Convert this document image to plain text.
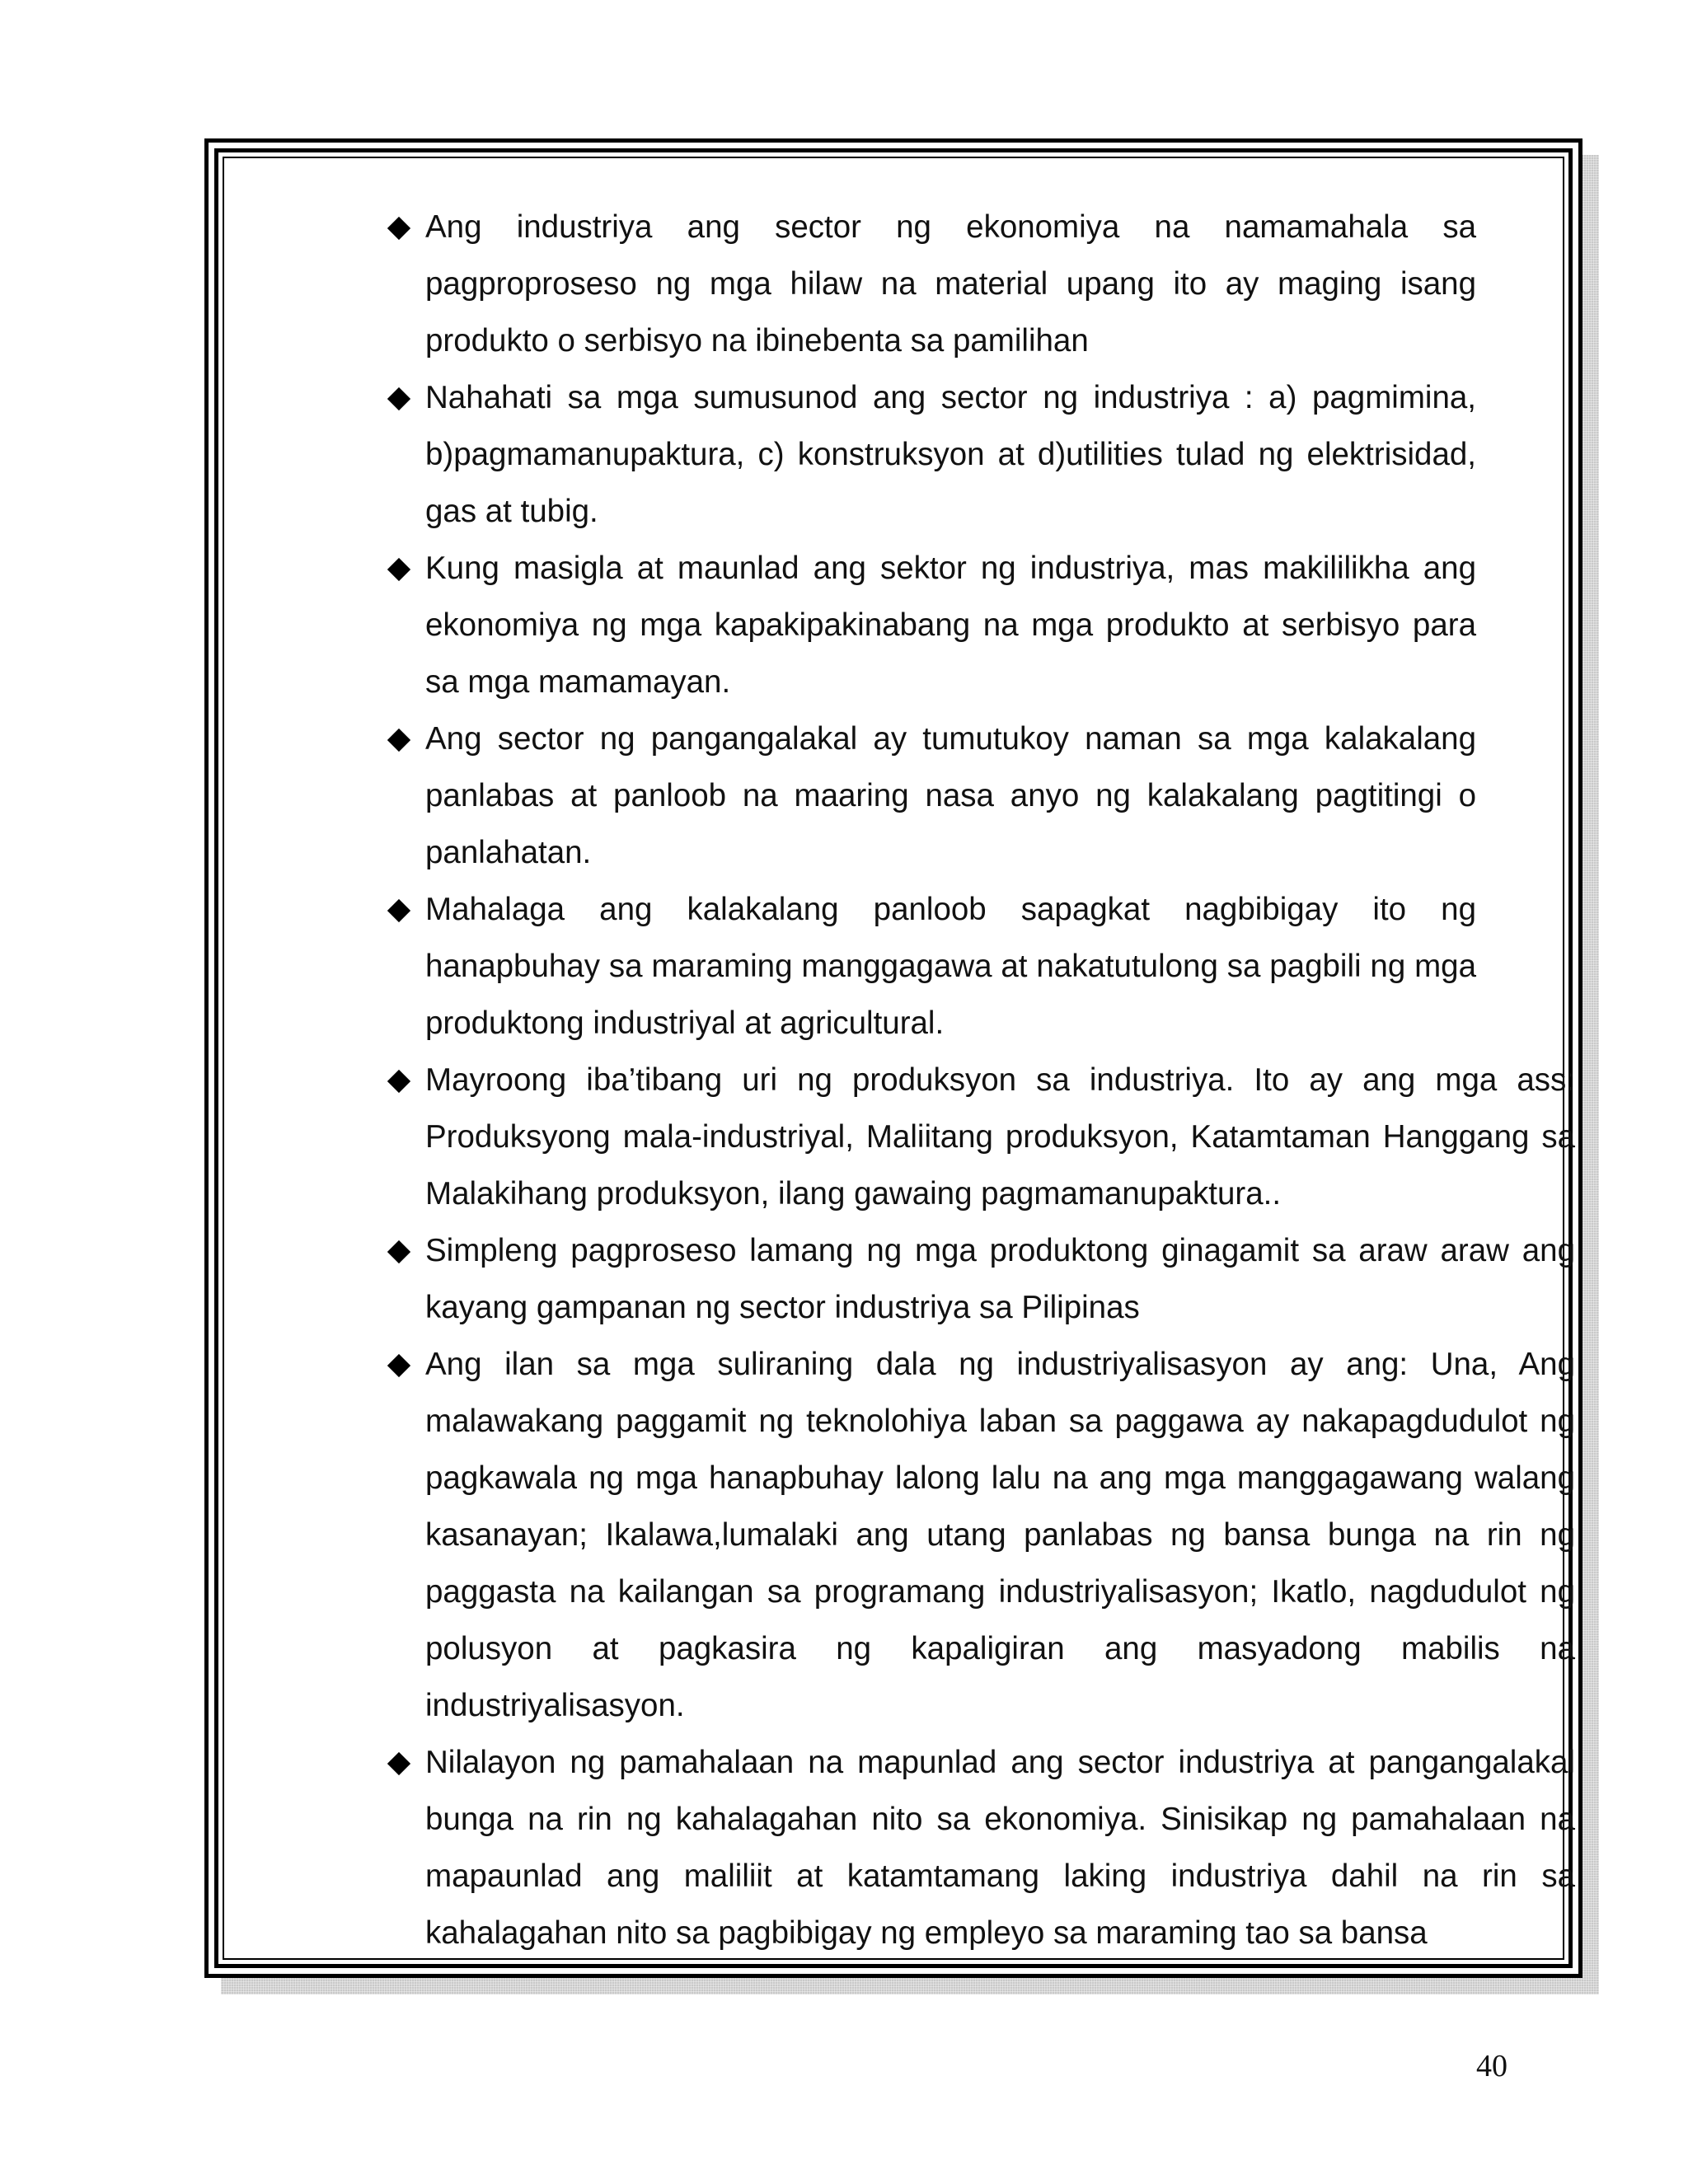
Ang industriya ang sector ng ekonomiya na namamahala sa pagproproseso ng mga hilaw na material upang ito ay maging isang produkto o serbisyo na ibinebenta sa pamilihan
Nahahati sa mga sumusunod ang sector ng industriya : a) pagmimina, b)pagmamanupaktura, c) konstruksyon at d)utilities tulad ng elektrisidad, gas at tubig.
Kung masigla at maunlad ang sektor ng industriya, mas makililikha ang ekonomiya ng mga kapakipakinabang na mga produkto at serbisyo para sa mga mamamayan.
Ang sector ng pangangalakal ay tumutukoy naman sa mga kalakalang panlabas at panloob na maaring nasa anyo ng kalakalang pagtitingi o panlahatan.
Mahalaga ang kalakalang panloob sapagkat nagbibigay ito ng hanapbuhay sa maraming manggagawa at nakatutulong sa pagbili ng mga produktong industriyal at agricultural.
Mayroong iba’tibang uri ng produksyon sa industriya. Ito ay ang mga ass: Produksyong mala-industriyal, Maliitang produksyon, Katamtaman Hanggang sa Malakihang produksyon, ilang gawaing pagmamanupaktura..
Simpleng pagproseso lamang ng mga produktong ginagamit sa araw araw ang kayang gampanan ng sector industriya sa Pilipinas
Ang ilan sa mga suliraning dala ng industriyalisasyon ay ang: Una, Ang malawakang paggamit ng teknolohiya laban sa paggawa ay nakapagdudulot ng pagkawala ng mga hanapbuhay lalong lalu na ang mga manggagawang walang kasanayan; Ikalawa,lumalaki ang utang panlabas ng bansa bunga na rin ng paggasta na kailangan sa programang industriyalisasyon; Ikatlo, nagdudulot ng polusyon at pagkasira ng kapaligiran ang masyadong mabilis na industriyalisasyon.
Nilalayon ng pamahalaan na mapunlad ang sector industriya at pangangalakal bunga na rin ng kahalagahan nito sa ekonomiya. Sinisikap ng pamahalaan na mapaunlad ang maliliit at katamtamang laking industriya dahil na rin sa kahalagahan nito sa pagbibigay ng empleyo sa maraming tao sa bansa
40
